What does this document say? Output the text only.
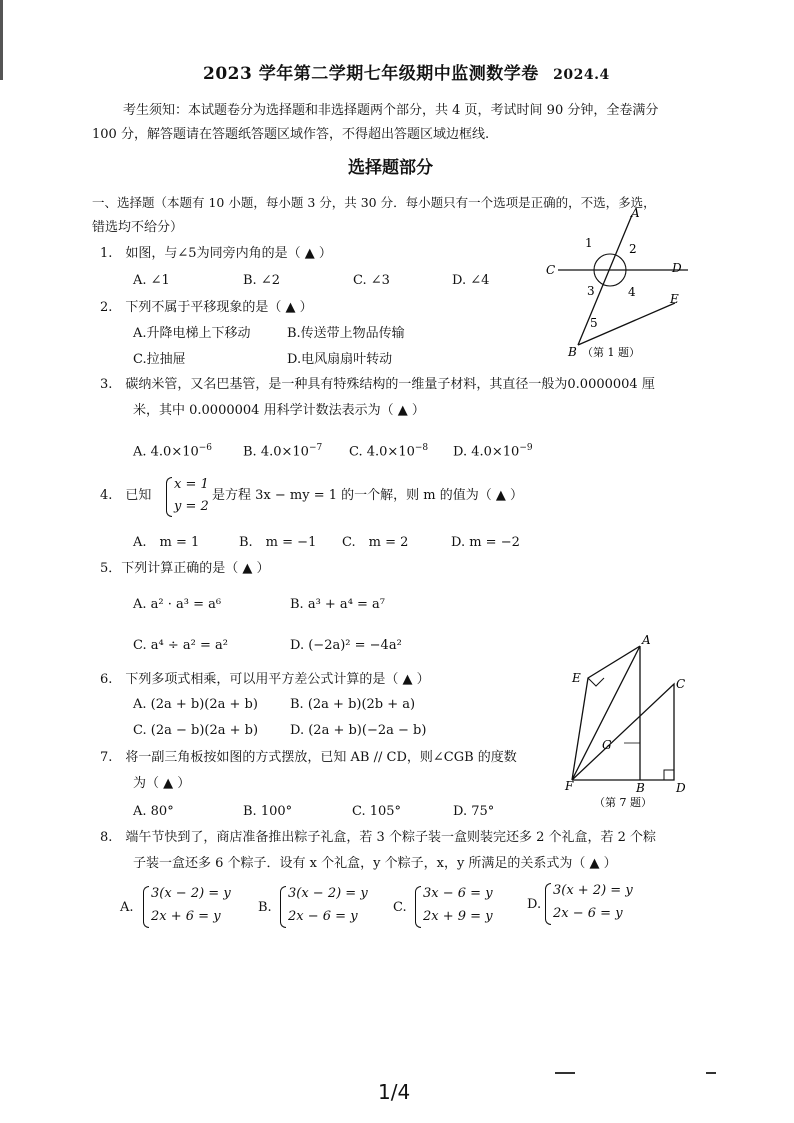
2023 学年第二学期七年级期中监测数学卷 2024.4
考生须知：本试题卷分为选择题和非选择题两个部分，共 4 页，考试时间 90 分钟，全卷满分
100 分，解答题请在答题纸答题区域作答，不得超出答题区域边框线.
选择题部分
一、选择题（本题有 10 小题，每小题 3 分，共 30 分．每小题只有一个选项是正确的，不选，多选，
错选均不给分）
1.　如图，与∠5为同旁内角的是（ ▲ ）
A. ∠1	B. ∠2	C. ∠3	D. ∠4
A
1	2
C	D
3	4	E
5
B （第 1 题）
2.　下列不属于平移现象的是（ ▲ ）
A.升降电梯上下移动	B.传送带上物品传输
C.拉抽屉	D.电风扇扇叶转动
3.　碳纳米管，又名巴基管，是一种具有特殊结构的一维量子材料，其直径一般为0.0000004 厘
米，其中 0.0000004 用科学计数法表示为（ ▲ ）
A. $4.0\times 10^{-6}$ B. $4.0\times 10^{-7}$ C. $4.0\times 10^{-8}$ D. $4.0\times 10^{-9}$
4.　已知
x = 1
y = 2
是方程 3x − my = 1 的一个解，则 m 的值为（ ▲ ）
A.　m = 1	B.　m = −1 C.　m = 2	D. m = −2
5．下列计算正确的是（ ▲ ）
A. a² · a³ = a⁶	B. a³ + a⁴ = a⁷
C. a⁴ ÷ a² = a²	D. (−2a)² = −4a²
6.　下列多项式相乘，可以用平方差公式计算的是（ ▲ ）
A. (2a + b)(2a + b) B. (2a + b)(2b + a)
C. (2a − b)(2a + b) D. (2a + b)(−2a − b)
7.　将一副三角板按如图的方式摆放，已知 AB // CD，则∠CGB 的度数
为（ ▲ ）
A. 80°	B. 100°	C. 105°	D. 75°
A
E	C
G
F	B	D
（第 7 题）
8.　端午节快到了，商店准备推出粽子礼盒，若 3 个粽子装一盒则装完还多 2 个礼盒，若 2 个粽
子装一盒还多 6 个粽子．设有 x 个礼盒，y 个粽子，x，y 所满足的关系式为（ ▲ ）
A.
3(x − 2) = y
2x + 6 = y
B.
3(x − 2) = y
2x − 6 = y
C.
3x − 6 = y
2x + 9 = y
D.
3(x + 2) = y
2x − 6 = y
1/4
